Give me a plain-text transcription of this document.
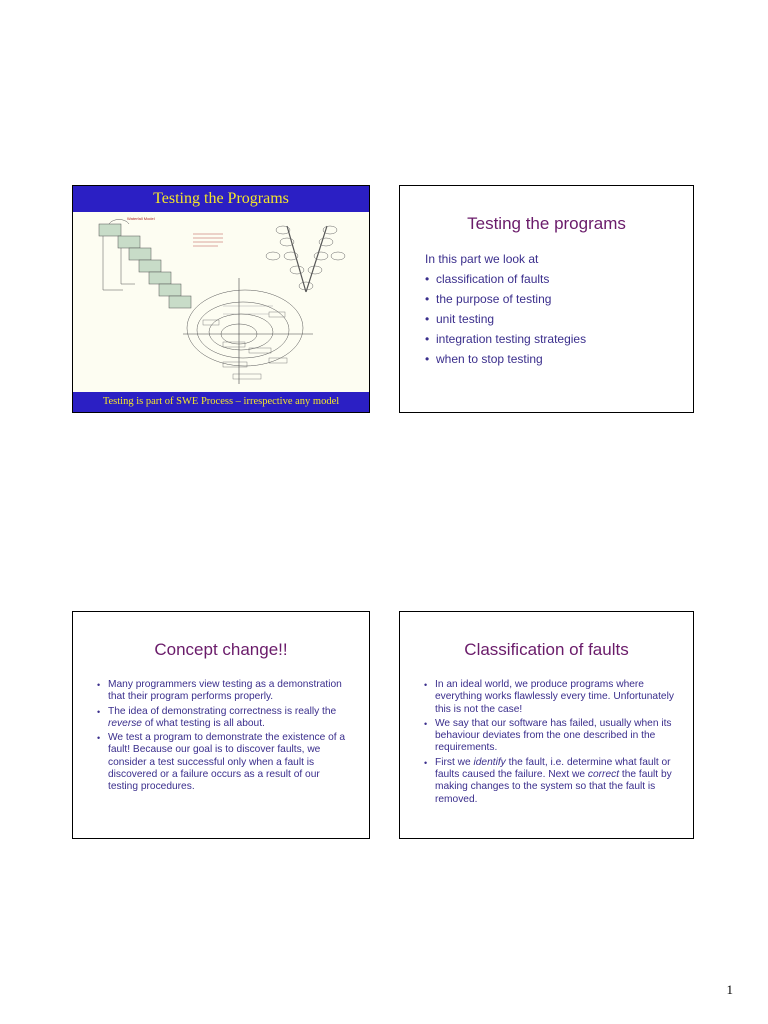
Testing the Programs
Waterfall Model
Testing is part of SWE Process – irrespective any model
Testing the programs

In this part we look at

• classification of faults
• the purpose of testing
• unit testing
• integration testing strategies
• when to stop testing
Concept change!!
• Many programmers view testing as a demonstration that their program performs properly.
• The idea of demonstrating correctness is really the reverse of what testing is all about.
• We test a program to demonstrate the existence of a fault! Because our goal is to discover faults, we consider a test successful only when a fault is discovered or a failure occurs as a result of our testing procedures.
Classification of faults
• In an ideal world, we produce programs where everything works flawlessly every time. Unfortunately this is not the case!
• We say that our software has failed, usually when its behaviour deviates from the one described in the requirements.
• First we identify the fault, i.e. determine what fault or faults caused the failure. Next we correct the fault by making changes to the system so that the fault is removed.
1
